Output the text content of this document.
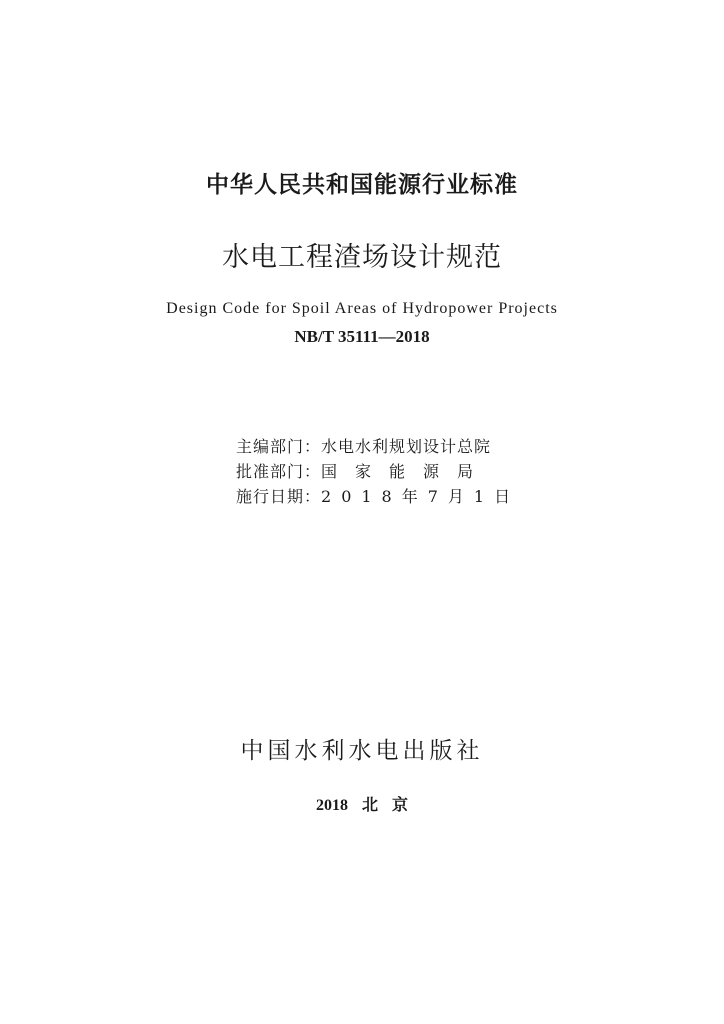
中华人民共和国能源行业标准
水电工程渣场设计规范
Design Code for Spoil Areas of Hydropower Projects
NB/T 35111—2018
主编部门： 水电水利规划设计总院
批准部门： 国家能源局
施行日期： 2018年7月1日
中国水利水电出版社
2018 北 京
